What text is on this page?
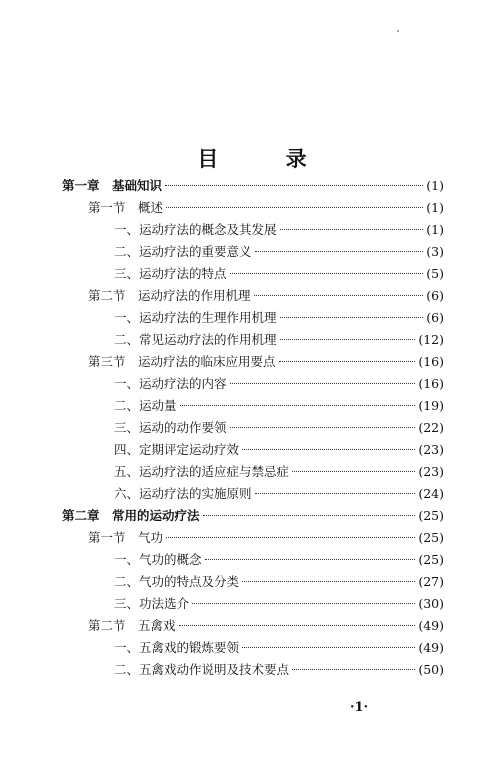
目 录
第一章　基础知识	(1)
第一节　概述	(1)
一、运动疗法的概念及其发展	(1)
二、运动疗法的重要意义	(3)
三、运动疗法的特点	(5)
第二节　运动疗法的作用机理	(6)
一、运动疗法的生理作用机理	(6)
二、常见运动疗法的作用机理	(12)
第三节　运动疗法的临床应用要点	(16)
一、运动疗法的内容	(16)
二、运动量	(19)
三、运动的动作要领	(22)
四、定期评定运动疗效	(23)
五、运动疗法的适应症与禁忌症	(23)
六、运动疗法的实施原则	(24)
第二章　常用的运动疗法	(25)
第一节　气功	(25)
一、气功的概念	(25)
二、气功的特点及分类	(27)
三、功法选介	(30)
第二节　五禽戏	(49)
一、五禽戏的锻炼要领	(49)
二、五禽戏动作说明及技术要点	(50)
·1·
